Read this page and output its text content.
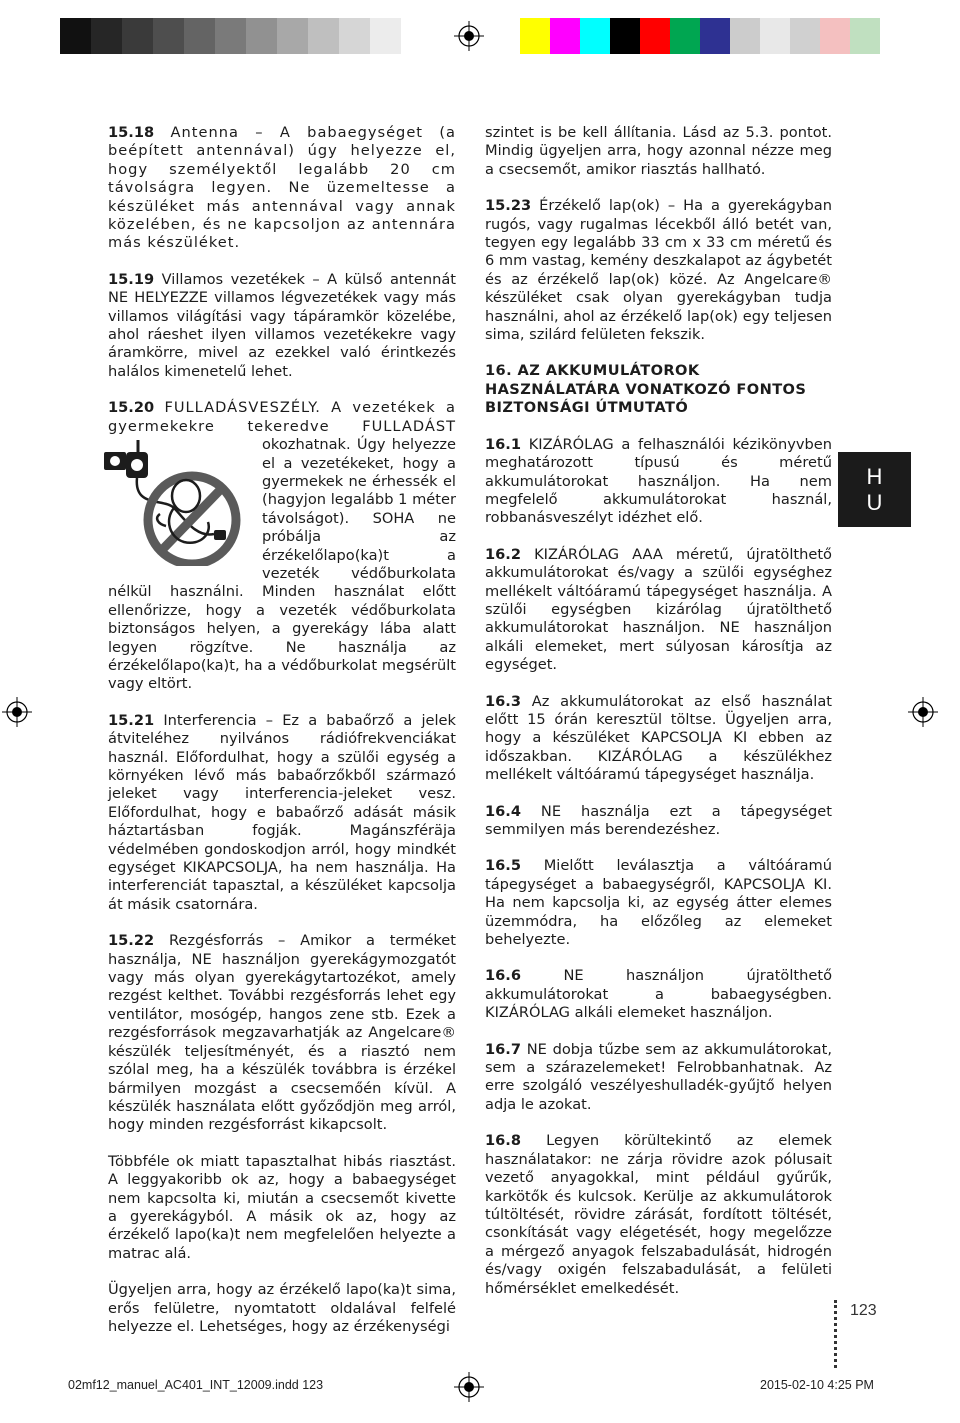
15.18 Antenna – A babaegységet (a beépített antennával) úgy helyezze el, hogy személyektől legalább 20 cm távolságra legyen. Ne üzemeltesse a készüléket más antennával vagy annak közelében, és ne kapcsoljon az antennára más készüléket.

15.19 Villamos vezetékek – A külső antennát NE HELYEZZE villamos légvezetékek vagy más villamos világítási vagy tápáramkör közelébe, ahol ráeshet ilyen villamos vezetékekre vagy áramkörre, mivel az ezekkel való érintkezés halálos kimenetelű lehet.

15.20 FULLADÁSVESZÉLY. A vezetékek a gyermekekre tekeredve FULLADÁST
okozhatnak. Úgy helyezze el a vezetékeket, hogy a gyermekek ne érhessék el (hagyjon legalább 1 méter távolságot). SOHA ne próbálja az érzékelőlapo(ka)t a vezeték védőburkolata nélkül használni. Minden használat előtt ellenőrizze, hogy a vezeték védőburkolata biztonságos helyen, a gyerekágy lába alatt legyen rögzítve. Ne használja az érzékelőlapo(ka)t, ha a védőburkolat megsérült vagy eltört.

15.21 Interferencia – Ez a babaőrző a jelek átviteléhez nyilvános rádiófrekvenciákat használ. Előfordulhat, hogy a szülői egység a környéken lévő más babaőrzőkből származó jeleket vagy interferencia-jeleket vesz. Előfordulhat, hogy e babaőrző adását másik háztartásban fogják. Magánszféräja védelmében gondoskodjon arról, hogy mindkét egységet KIKAPCSOLJA, ha nem használja. Ha interferenciát tapasztal, a készüléket kapcsolja át másik csatornára.

15.22 Rezgésforrás – Amikor a terméket használja, NE használjon gyerekágymozgatót vagy más olyan gyerekágytartozékot, amely rezgést kelthet. További rezgésforrás lehet egy ventilátor, mosógép, hangos zene stb. Ezek a rezgésforrások megzavarhatják az Angelcare® készülék teljesítményét, és a riasztó nem szólal meg, ha a készülék továbbra is érzékel bármilyen mozgást a csecsemőén kívül. A készülék használata előtt győződjön meg arról, hogy minden rezgésforrást kikapcsolt.

Többféle ok miatt tapasztalhat hibás riasztást. A leggyakoribb ok az, hogy a babaegységet nem kapcsolta ki, miután a csecsemőt kivette a gyerekágyból. A másik ok az, hogy az érzékelő lapo(ka)t nem megfelelően helyezte a matrac alá.

Ügyeljen arra, hogy az érzékelő lapo(ka)t sima, erős felületre, nyomtatott oldalával felfelé helyezze el. Lehetséges, hogy az érzékenységi

szintet is be kell állítania. Lásd az 5.3. pontot. Mindig ügyeljen arra, hogy azonnal nézze meg a csecsemőt, amikor riasztás hallható.

15.23 Érzékelő lap(ok) – Ha a gyerekágyban rugós, vagy rugalmas lécekből álló betét van, tegyen egy legalább 33 cm x 33 cm méretű és 6 mm vastag, kemény deszkalapot az ágybetét és az érzékelő lap(ok) közé. Az Angelcare® készüléket csak olyan gyerekágyban tudja használni, ahol az érzékelő lap(ok) egy teljesen sima, szilárd felületen fekszik.

16. AZ AKKUMULÁTOROK HASZNÁLATÁRA VONATKOZÓ FONTOS BIZTONSÁGI ÚTMUTATÓ

16.1 KIZÁRÓLAG a felhasználói kézikönyvben meghatározott típusú és méretű akkumulátorokat használjon. Ha nem megfelelő akkumulátorokat használ, robbanásveszélyt idézhet elő.

16.2 KIZÁRÓLAG AAA méretű, újratölthető akkumulátorokat és/vagy a szülői egységhez mellékelt váltóáramú tápegységet használja. A szülői egységben kizárólag újratölthető akkumulátorokat használjon. NE használjon alkáli elemeket, mert súlyosan károsítja az egységet.

16.3 Az akkumulátorokat az első használat előtt 15 órán keresztül töltse. Ügyeljen arra, hogy a készüléket KAPCSOLJA KI ebben az időszakban. KIZÁRÓLAG a készülékhez mellékelt váltóáramú tápegységet használja.

16.4 NE használja ezt a tápegységet semmilyen más berendezéshez.

16.5 Mielőtt leválasztja a váltóáramú tápegységet a babaegységről, KAPCSOLJA KI. Ha nem kapcsolja ki, az egység átter elemes üzemmódra, ha előzőleg az elemeket behelyezte.

16.6 NE használjon újratölthető akkumulátorokat a babaegységben. KIZÁRÓLAG alkáli elemeket használjon.

16.7 NE dobja tűzbe sem az akkumulátorokat, sem a szárazelemeket! Felrobbanhatnak. Az erre szolgáló veszélyeshulladék-gyűjtő helyen adja le azokat.

16.8 Legyen körültekintő az elemek használatakor: ne zárja rövidre azok pólusait vezető anyagokkal, mint például gyűrűk, karkötők és kulcsok. Kerülje az akkumulátorok túltöltését, rövidre zárását, fordított töltését, csonkítását vagy elégetését, hogy megelőzze a mérgező anyagok felszabadulását, hidrogén és/vagy oxigén felszabadulását, a felületi hőmérséklet emelkedését.

H
U
123
02mf12_manuel_AC401_INT_12009.indd 123	2015-02-10 4:25 PM
